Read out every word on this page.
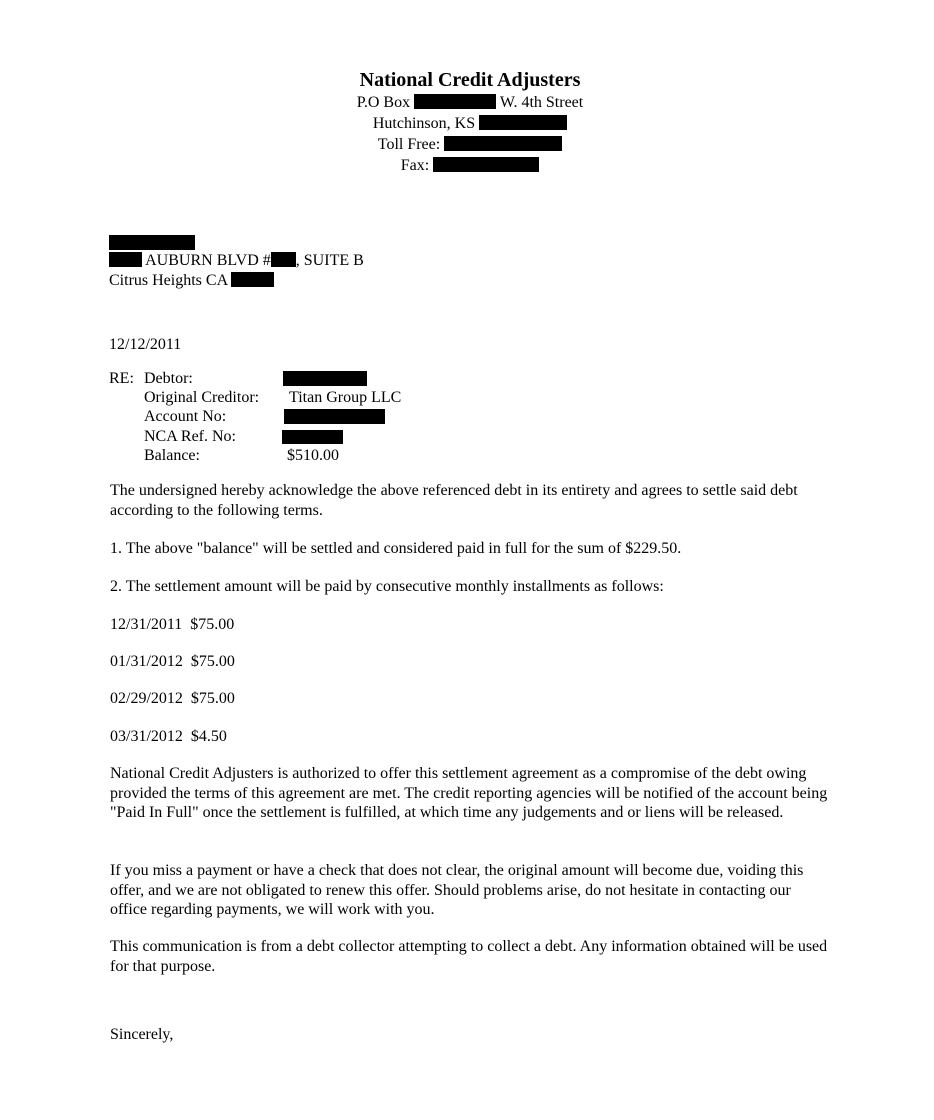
National Credit Adjusters
P.O Box	W. 4th Street
Hutchinson, KS
Toll Free:
Fax:
AUBURN BLVD # , SUITE B
Citrus Heights CA
12/12/2011
RE: Debtor:
Original Creditor: Titan Group LLC
Account No:
NCA Ref. No:
Balance:	$510.00
The undersigned hereby acknowledge the above referenced debt in its entirety and agrees to settle said debt according to the following terms.
1. The above "balance" will be settled and considered paid in full for the sum of $229.50.
2. The settlement amount will be paid by consecutive monthly installments as follows:
12/31/2011 $75.00
01/31/2012 $75.00
02/29/2012 $75.00
03/31/2012 $4.50
National Credit Adjusters is authorized to offer this settlement agreement as a compromise of the debt owing provided the terms of this agreement are met. The credit reporting agencies will be notified of the account being "Paid In Full" once the settlement is fulfilled, at which time any judgements and or liens will be released.
If you miss a payment or have a check that does not clear, the original amount will become due, voiding this offer, and we are not obligated to renew this offer. Should problems arise, do not hesitate in contacting our office regarding payments, we will work with you.
This communication is from a debt collector attempting to collect a debt. Any information obtained will be used for that purpose.
Sincerely,
